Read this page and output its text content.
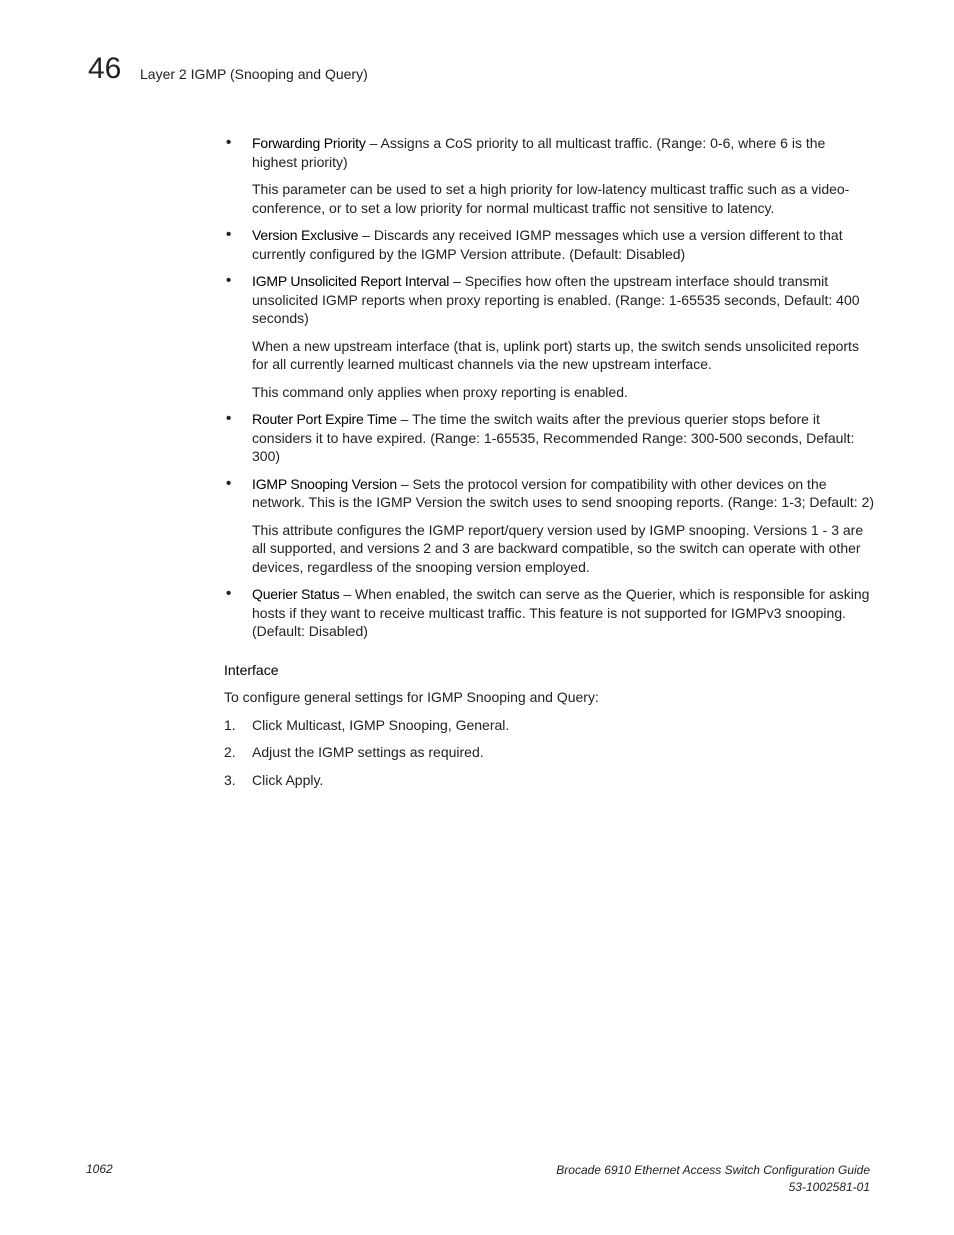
46 Layer 2 IGMP (Snooping and Query)
• Forwarding Priority – Assigns a CoS priority to all multicast traffic. (Range: 0-6, where 6 is the highest priority)
This parameter can be used to set a high priority for low-latency multicast traffic such as a video-conference, or to set a low priority for normal multicast traffic not sensitive to latency.
• Version Exclusive – Discards any received IGMP messages which use a version different to that currently configured by the IGMP Version attribute. (Default: Disabled)
• IGMP Unsolicited Report Interval – Specifies how often the upstream interface should transmit unsolicited IGMP reports when proxy reporting is enabled. (Range: 1-65535 seconds, Default: 400 seconds)
When a new upstream interface (that is, uplink port) starts up, the switch sends unsolicited reports for all currently learned multicast channels via the new upstream interface.
This command only applies when proxy reporting is enabled.
• Router Port Expire Time – The time the switch waits after the previous querier stops before it considers it to have expired. (Range: 1-65535, Recommended Range: 300-500 seconds, Default: 300)
• IGMP Snooping Version – Sets the protocol version for compatibility with other devices on the network. This is the IGMP Version the switch uses to send snooping reports. (Range: 1-3; Default: 2)
This attribute configures the IGMP report/query version used by IGMP snooping. Versions 1 - 3 are all supported, and versions 2 and 3 are backward compatible, so the switch can operate with other devices, regardless of the snooping version employed.
• Querier Status – When enabled, the switch can serve as the Querier, which is responsible for asking hosts if they want to receive multicast traffic. This feature is not supported for IGMPv3 snooping. (Default: Disabled)
Interface
To configure general settings for IGMP Snooping and Query:
1. Click Multicast, IGMP Snooping, General.
2. Adjust the IGMP settings as required.
3. Click Apply.
1062	Brocade 6910 Ethernet Access Switch Configuration Guide
53-1002581-01
